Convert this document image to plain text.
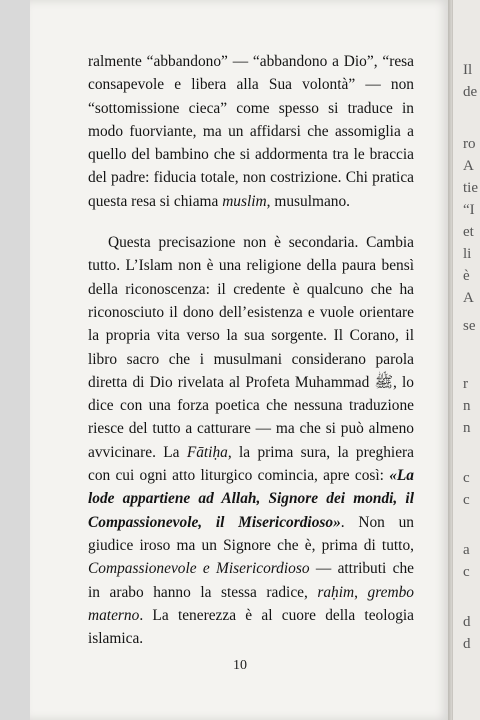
Il
de
ro
A
tie
“I
et
li
è
A
se
r
n
n
c
c
a
c
d
d

ralmente “abbandono” — “abbandono a Dio”, “resa consapevole e libera alla Sua volontà” — non “sottomissione cieca” come spesso si traduce in modo fuorviante, ma un affidarsi che assomiglia a quello del bambino che si addormenta tra le braccia del padre: fiducia totale, non costrizione. Chi pratica questa resa si chiama muslim, musulmano.

Questa precisazione non è secondaria. Cambia tutto. L’Islam non è una religione della paura bensì della riconoscenza: il credente è qualcuno che ha riconosciuto il dono dell’esistenza e vuole orientare la propria vita verso la sua sorgente. Il Corano, il libro sacro che i musulmani considerano parola diretta di Dio rivelata al Profeta Muhammad ﷺ, lo dice con una forza poetica che nessuna traduzione riesce del tutto a catturare — ma che si può almeno avvicinare. La Fātiḥa, la prima sura, la preghiera con cui ogni atto liturgico comincia, apre così: «La lode appartiene ad Allah, Signore dei mondi, il Compassionevole, il Misericordioso». Non un giudice iroso ma un Signore che è, prima di tutto, Compassionevole e Misericordioso — attributi che in arabo hanno la stessa radice, raḥim, grembo materno. La tenerezza è al cuore della teologia islamica.

10
